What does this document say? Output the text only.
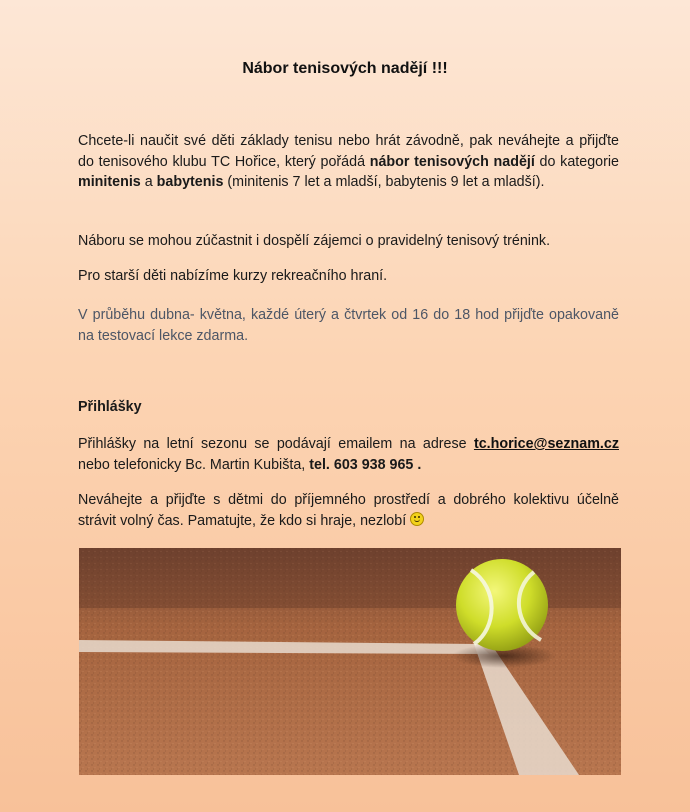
Nábor tenisových nadějí !!!
Chcete-li naučit své děti základy tenisu nebo hrát závodně, pak neváhejte a přijďte do tenisového klubu TC Hořice, který pořádá nábor tenisových nadějí do kategorie minitenis a babytenis (minitenis 7 let a mladší, babytenis 9 let a mladší).
Náboru se mohou zúčastnit i dospělí zájemci o pravidelný tenisový trénink.
Pro starší děti nabízíme kurzy rekreačního hraní.
V průběhu dubna- května, každé úterý a čtvrtek od 16 do 18 hod přijďte opakovaně na testovací lekce zdarma.
Přihlášky
Přihlášky na letní sezonu se podávají emailem na adrese tc.horice@seznam.cz nebo telefonicky Bc. Martin Kubišta, tel. 603 938 965 .
Neváhejte a přijďte s dětmi do příjemného prostředí a dobrého kolektivu účelně strávit volný čas. Pamatujte, že kdo si hraje, nezlobí
